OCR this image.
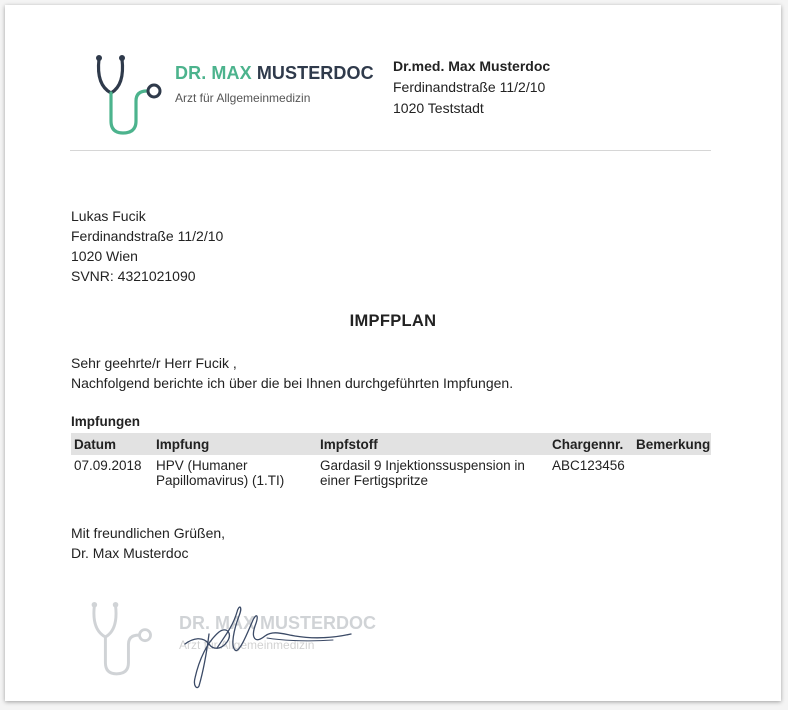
DR. MAX MUSTERDOC
Arzt für Allgemeinmedizin
Dr.med. Max Musterdoc
Ferdinandstraße 11/2/10
1020 Teststadt
Lukas Fucik
Ferdinandstraße 11/2/10
1020 Wien
SVNR: 4321021090
IMPFPLAN
Sehr geehrte/r Herr Fucik ,
Nachfolgend berichte ich über die bei Ihnen durchgeführten Impfungen.
Impfungen
Datum	Impfung	Impfstoff	Chargennr.	Bemerkung
07.09.2018	HPV (Humaner Papillomavirus) (1.TI)	Gardasil 9 Injektionssuspension in einer Fertigspritze	ABC123456	
Mit freundlichen Grüßen,
Dr. Max Musterdoc
DR. MAX MUSTERDOC
Arzt für Allgemeinmedizin
